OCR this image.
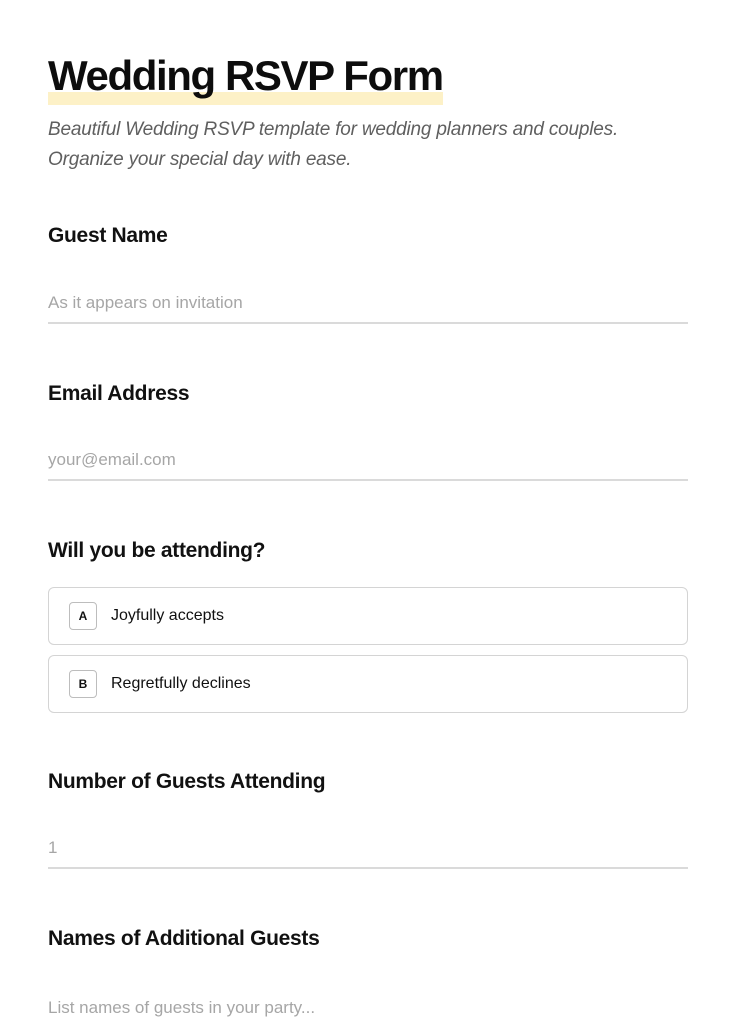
Wedding RSVP Form

Beautiful Wedding RSVP template for wedding planners and couples. Organize your special day with ease.

Guest Name
As it appears on invitation
Email Address
your@email.com
Will you be attending?
A	Joyfully accepts
B	Regretfully declines
Number of Guests Attending
1
Names of Additional Guests
List names of guests in your party...
